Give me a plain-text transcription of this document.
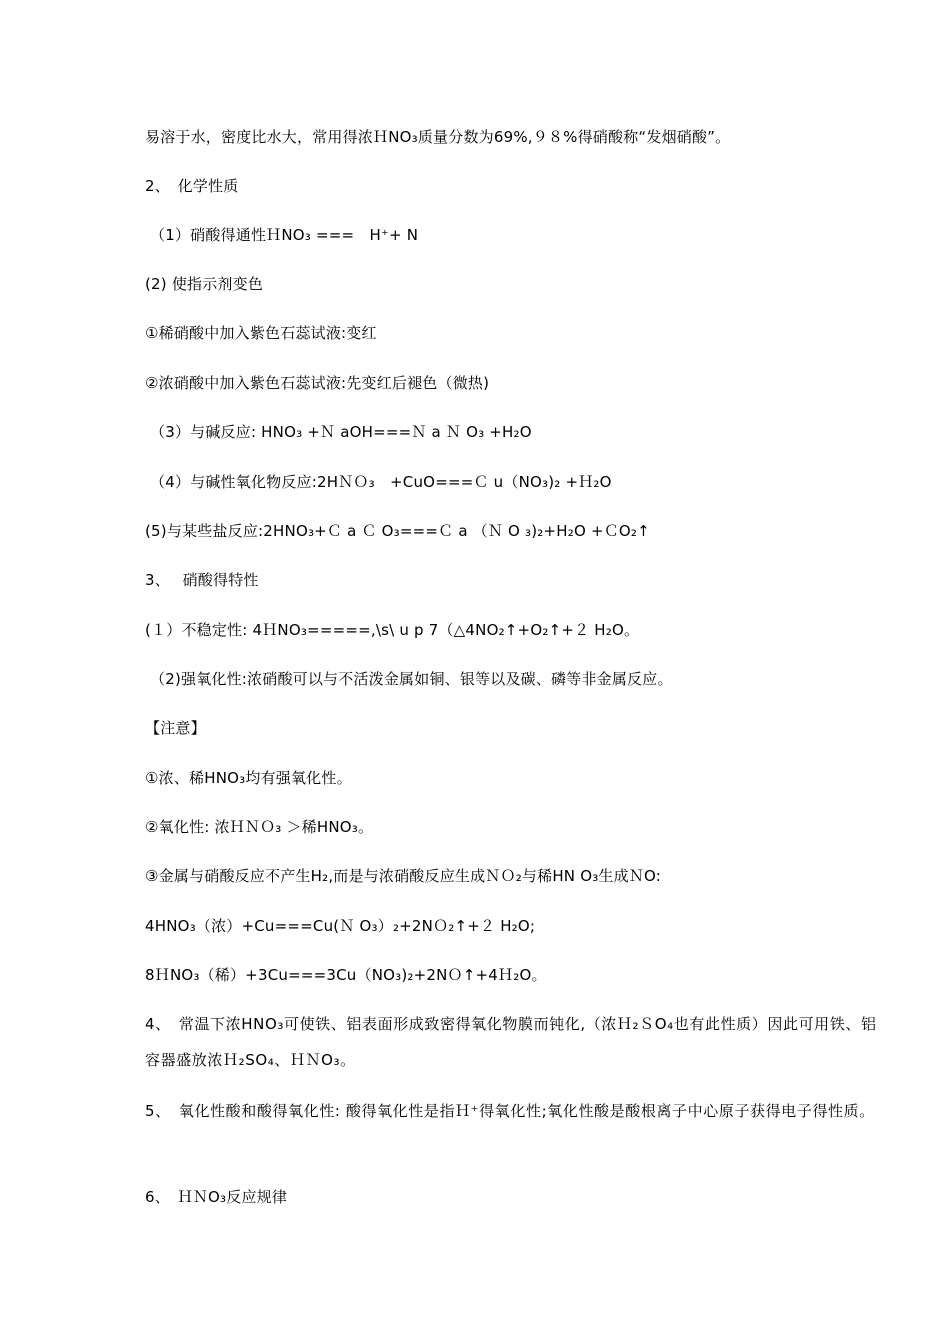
易溶于水，密度比水大，常用得浓ＨNO₃质量分数为69%,９８%得硝酸称“发烟硝酸”。
2、　化学性质
（1）硝酸得通性ＨNO₃ ===　H⁺+ N
(2) 使指示剂变色
①稀硝酸中加入紫色石蕊试液:变红
②浓硝酸中加入紫色石蕊试液:先变红后褪色（微热)
（3）与碱反应: HNO₃ +Ｎ aOH===Ｎ a Ｎ O₃ +H₂O
（4）与碱性氧化物反应:2HＮＯ₃　+CuO===Ｃ u（NO₃)₂ +Ｈ₂O
(5)与某些盐反应:2HNO₃+Ｃ a Ｃ O₃===Ｃ a （Ｎ O ₃)₂+H₂O +ＣO₂↑
3、　 硝酸得特性
(１）不稳定性: 4ＨNO₃=====,\s\ u p 7（△4NO₂↑+O₂↑+２ H₂O。
（2)强氧化性:浓硝酸可以与不活泼金属如铜、银等以及碳、磷等非金属反应。
【注意】
①浓、稀HNO₃均有强氧化性。
②氧化性: 浓ＨＮＯ₃ ＞稀HNO₃。
③金属与硝酸反应不产生H₂,而是与浓硝酸反应生成ＮＯ₂与稀HN O₃生成ＮO:
4HNO₃（浓）+Cu===Cu(Ｎ O₃）₂+2NＯ₂↑+２ H₂O;
8ＨNO₃（稀）+3Cu===3Cu（NO₃)₂+2NＯ↑+4Ｈ₂O。
4、　常温下浓HNO₃可使铁、铝表面形成致密得氧化物膜而钝化,（浓Ｈ₂ＳO₄也有此性质）因此可用铁、铝容器盛放浓Ｈ₂SO₄、ＨＮO₃。
5、　氧化性酸和酸得氧化性: 酸得氧化性是指Ｈ⁺得氧化性;氧化性酸是酸根离子中心原子获得电子得性质。
6、　ＨＮO₃反应规律
